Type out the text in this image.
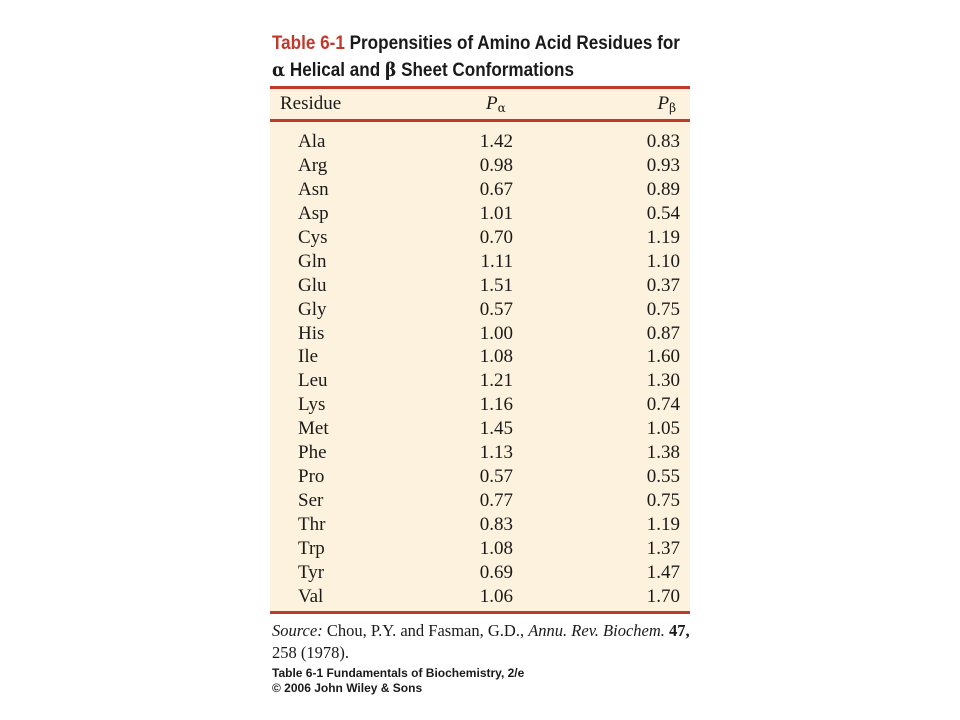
Table 6-1 Propensities of Amino Acid Residues for
α Helical and β Sheet Conformations
Residue	$P_\alpha$	$P_\beta$
Ala	1.42	0.83
Arg	0.98	0.93
Asn	0.67	0.89
Asp	1.01	0.54
Cys	0.70	1.19
Gln	1.11	1.10
Glu	1.51	0.37
Gly	0.57	0.75
His	1.00	0.87
Ile	1.08	1.60
Leu	1.21	1.30
Lys	1.16	0.74
Met	1.45	1.05
Phe	1.13	1.38
Pro	0.57	0.55
Ser	0.77	0.75
Thr	0.83	1.19
Trp	1.08	1.37
Tyr	0.69	1.47
Val	1.06	1.70
Source: Chou, P.Y. and Fasman, G.D., Annu. Rev. Biochem. 47, 258 (1978).
Table 6-1 Fundamentals of Biochemistry, 2/e
© 2006 John Wiley & Sons
